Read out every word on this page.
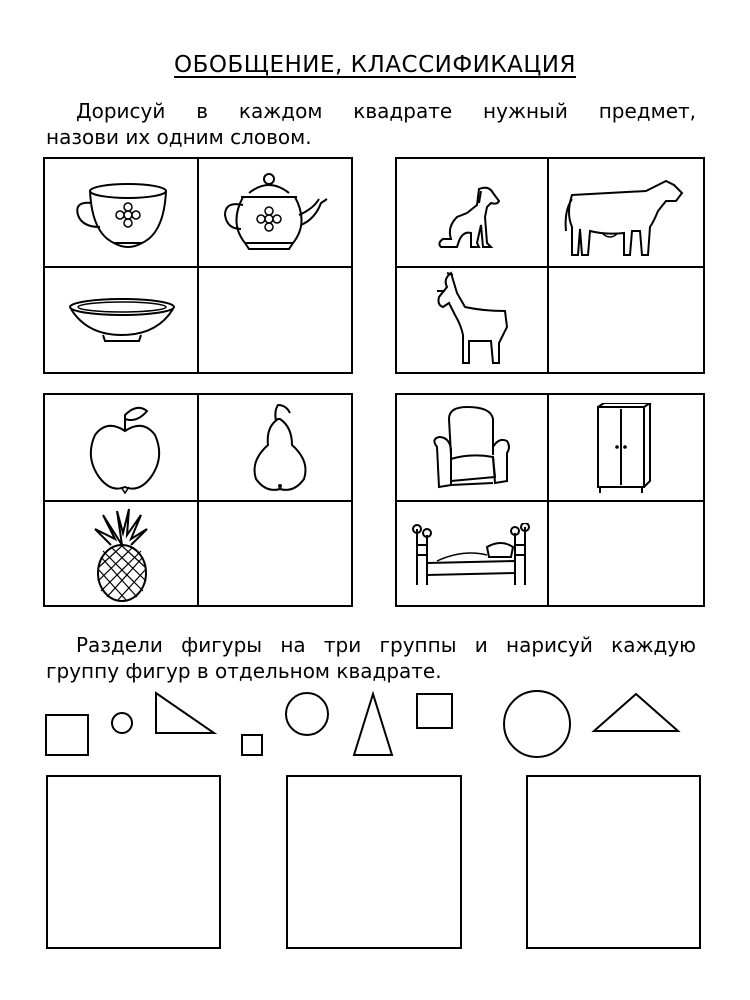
ОБОБЩЕНИЕ, КЛАССИФИКАЦИЯ
Дорисуй в каждом квадрате нужный предмет,
назови их одним словом.
Раздели фигуры на три группы и нарисуй каждую
группу фигур в отдельном квадрате.
